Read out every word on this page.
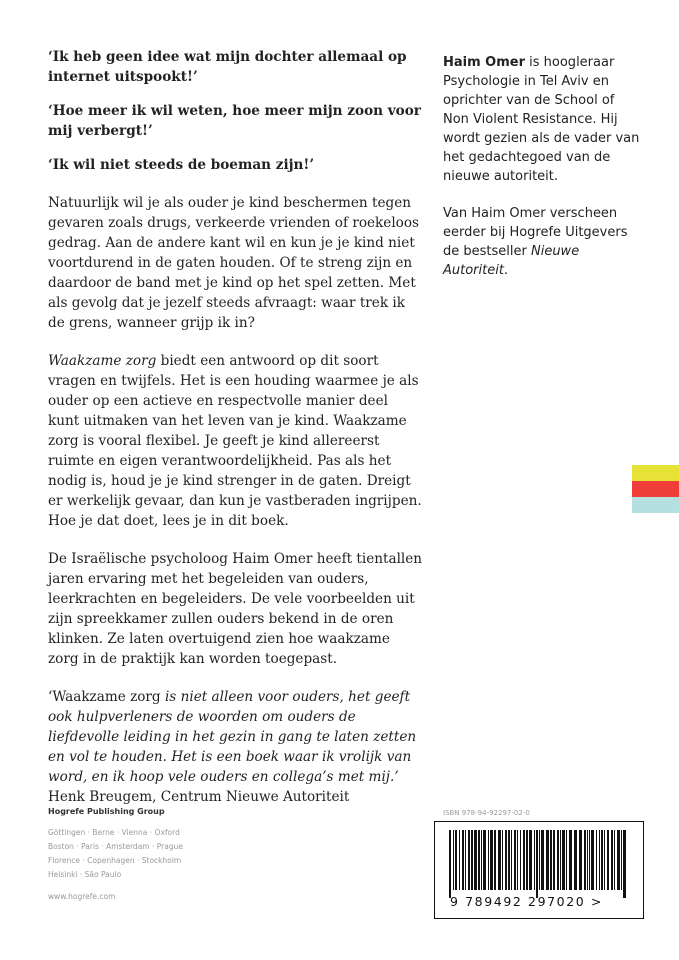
‘Ik heb geen idee wat mijn dochter allemaal op internet uitspookt!’

‘Hoe meer ik wil weten, hoe meer mijn zoon voor mij verbergt!’

‘Ik wil niet steeds de boeman zijn!’

Natuurlijk wil je als ouder je kind beschermen tegen gevaren zoals drugs, verkeerde vrienden of roekeloos gedrag. Aan de andere kant wil en kun je je kind niet voortdurend in de gaten houden. Of te streng zijn en daardoor de band met je kind op het spel zetten. Met als gevolg dat je jezelf steeds afvraagt: waar trek ik de grens, wanneer grijp ik in?

Waakzame zorg biedt een antwoord op dit soort vragen en twijfels. Het is een houding waarmee je als ouder op een actieve en respectvolle manier deel kunt uitmaken van het leven van je kind. Waakzame zorg is vooral flexibel. Je geeft je kind allereerst ruimte en eigen verantwoordelijkheid. Pas als het nodig is, houd je je kind strenger in de gaten. Dreigt er werkelijk gevaar, dan kun je vastberaden ingrijpen. Hoe je dat doet, lees je in dit boek.

De Israëlische psycholoog Haim Omer heeft tientallen jaren ervaring met het begeleiden van ouders, leerkrachten en begeleiders. De vele voorbeelden uit zijn spreekkamer zullen ouders bekend in de oren klinken. Ze laten overtuigend zien hoe waakzame zorg in de praktijk kan worden toegepast.

‘Waakzame zorg is niet alleen voor ouders, het geeft ook hulpverleners de woorden om ouders de liefdevolle leiding in het gezin in gang te laten zetten en vol te houden. Het is een boek waar ik vrolijk van word, en ik hoop vele ouders en collega’s met mij.’

Henk Breugem, Centrum Nieuwe Autoriteit

Haim Omer is hoogleraar Psychologie in Tel Aviv en oprichter van de School of Non Violent Resistance. Hij wordt gezien als de vader van het gedachtegoed van de nieuwe autoriteit.

Van Haim Omer verscheen eerder bij Hogrefe Uitgevers de bestseller Nieuwe Autoriteit.

Hogrefe Publishing Group
Göttingen · Berne · Vienna · Oxford
Boston · Paris · Amsterdam · Prague
Florence · Copenhagen · Stockholm
Helsinki · São Paulo
www.hogrefe.com
ISBN 978-94-92297-02-0
9 789492 297020 >
